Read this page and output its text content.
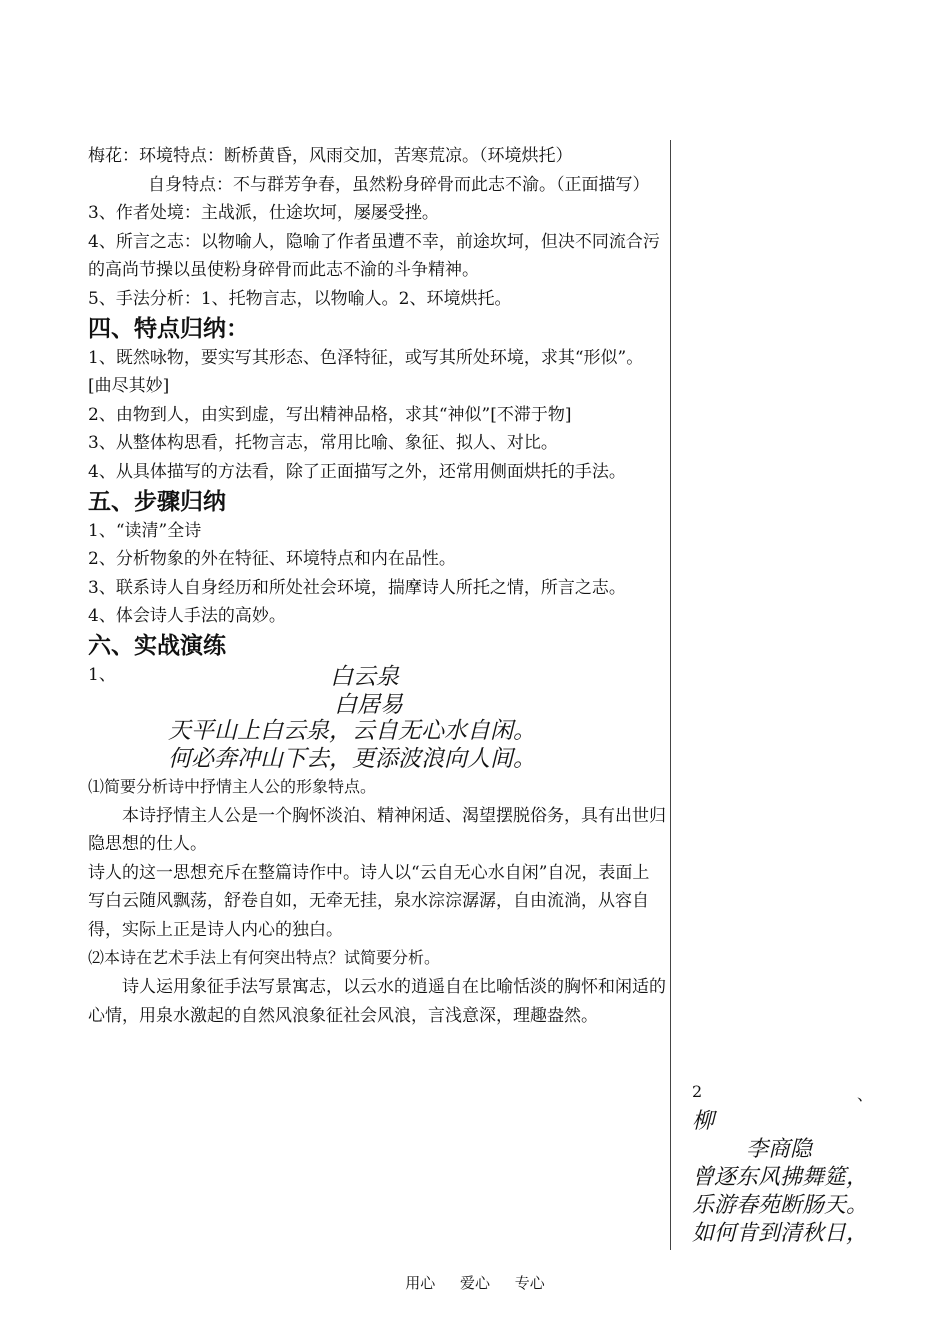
梅花：环境特点：断桥黄昏，风雨交加，苦寒荒凉。（环境烘托）

自身特点：不与群芳争春，虽然粉身碎骨而此志不渝。（正面描写）

3、作者处境：主战派，仕途坎坷，屡屡受挫。

4、所言之志：以物喻人，隐喻了作者虽遭不幸，前途坎坷，但决不同流合污的高尚节操以虽使粉身碎骨而此志不渝的斗争精神。

5、手法分析：1、托物言志，以物喻人。2、环境烘托。

四、特点归纳：

1、既然咏物，要实写其形态、色泽特征，或写其所处环境，求其“形似”。[曲尽其妙]

2、由物到人，由实到虚，写出精神品格，求其“神似”[不滞于物]

3、从整体构思看，托物言志，常用比喻、象征、拟人、对比。

4、从具体描写的方法看，除了正面描写之外，还常用侧面烘托的手法。

五、步骤归纳

1、“读清”全诗

2、分析物象的外在特征、环境特点和内在品性。

3、联系诗人自身经历和所处社会环境，揣摩诗人所托之情，所言之志。

4、体会诗人手法的高妙。

六、实战演练

1、	白云泉
白居易

天平山上白云泉，云自无心水自闲。

何必奔冲山下去，更添波浪向人间。

⑴简要分析诗中抒情主人公的形象特点。

本诗抒情主人公是一个胸怀淡泊、精神闲适、渴望摆脱俗务，具有出世归隐思想的仕人。

诗人的这一思想充斥在整篇诗作中。诗人以“云自无心水自闲”自况，表面上写白云随风飘荡，舒卷自如，无牵无挂，泉水淙淙潺潺，自由流淌，从容自得，实际上正是诗人内心的独白。

⑵本诗在艺术手法上有何突出特点？试简要分析。

诗人运用象征手法写景寓志，以云水的逍遥自在比喻恬淡的胸怀和闲适的心情，用泉水激起的自然风浪象征社会风浪，言浅意深，理趣盎然。

2	、
柳
李商隐
曾逐东风拂舞筵，
乐游春苑断肠天。
如何肯到清秋日，
用心 爱心 专心
